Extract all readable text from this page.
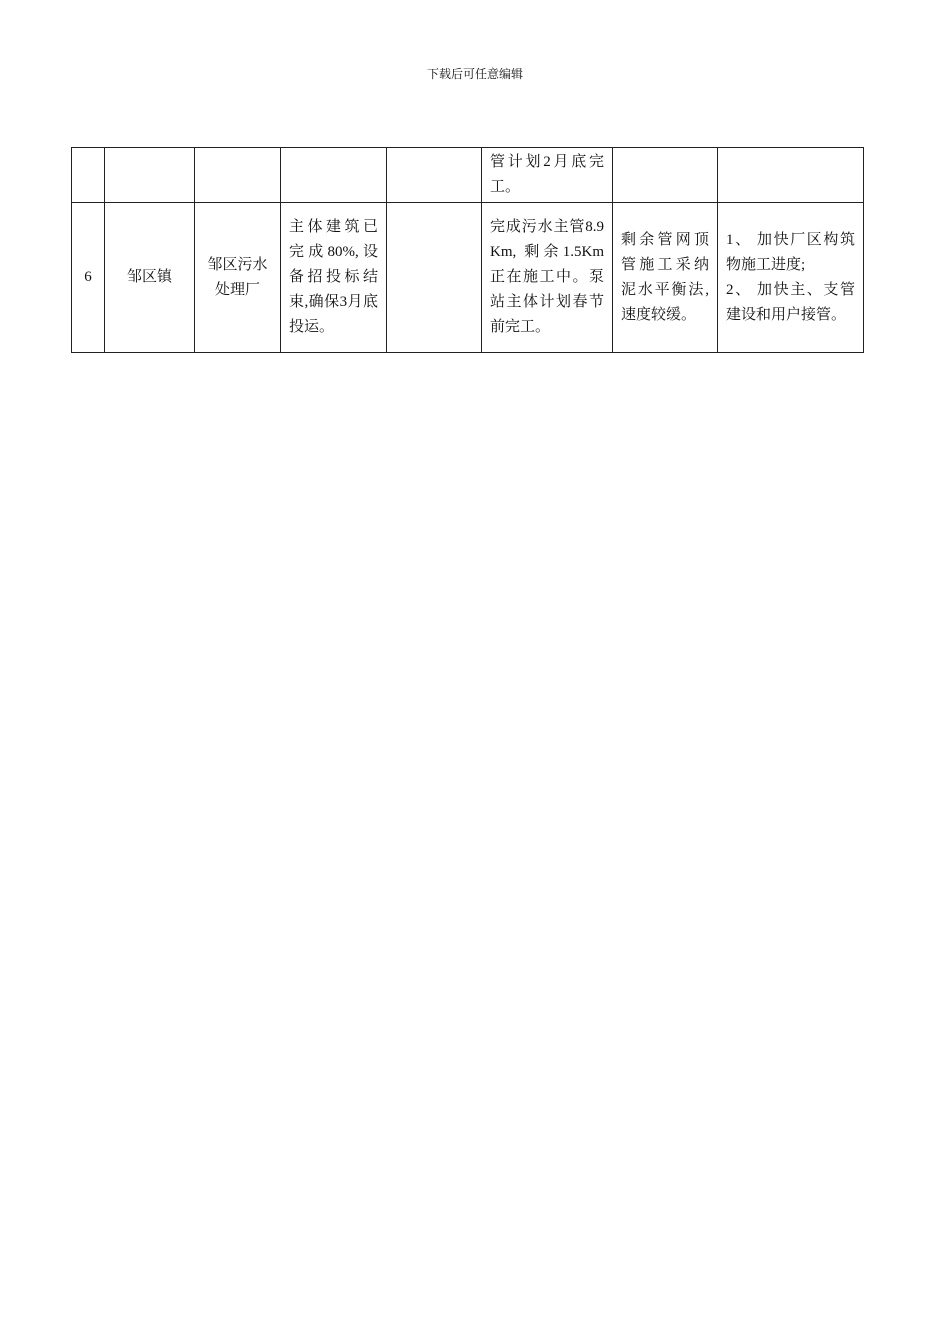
下载后可任意编辑
					管计划2月底完工。		
6	邹区镇	邹区污水处理厂	主体建筑已完成80%,设备招投标结束,确保3月底投运。		完成污水主管8.9Km, 剩余1.5Km正在施工中。泵站主体计划春节前完工。	剩余管网顶管施工采纳泥水平衡法,速度较缓。	1、 加快厂区构筑物施工进度;
2、 加快主、支管建设和用户接管。
